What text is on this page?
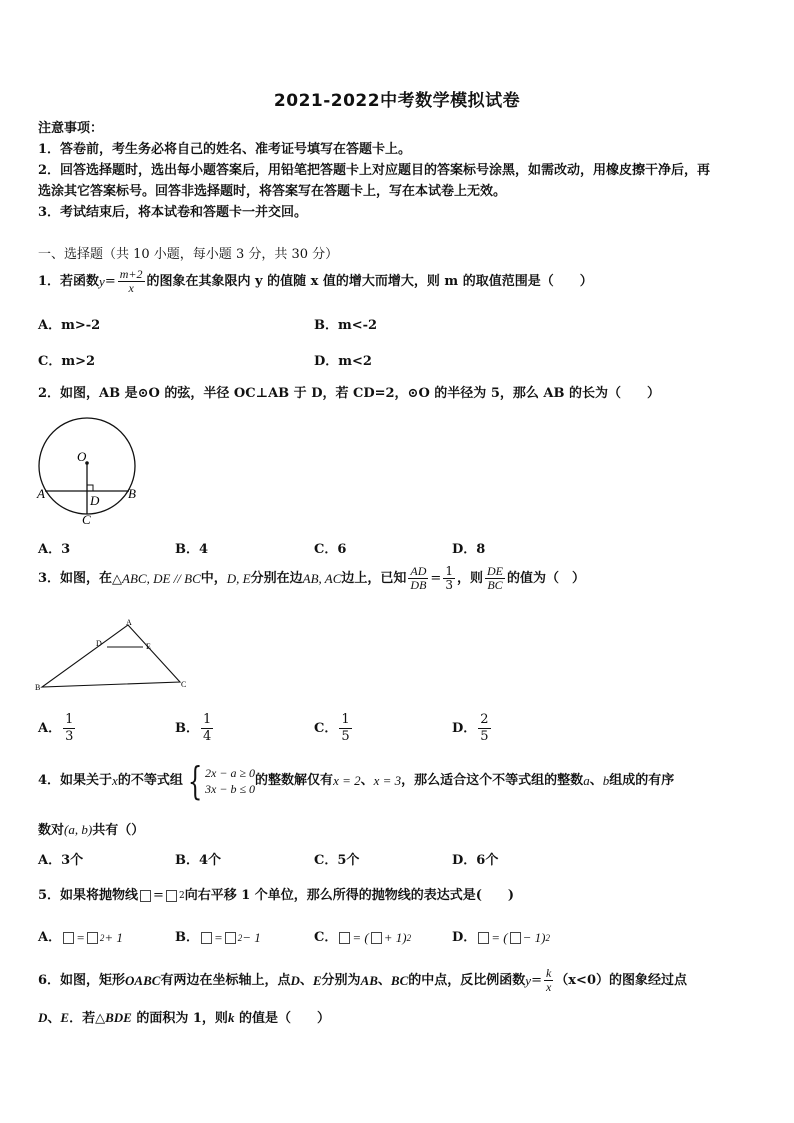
2021-2022中考数学模拟试卷
注意事项：
1．答卷前，考生务必将自己的姓名、准考证号填写在答题卡上。
2．回答选择题时，选出每小题答案后，用铅笔把答题卡上对应题目的答案标号涂黑，如需改动，用橡皮擦干净后，再
选涂其它答案标号。回答非选择题时，将答案写在答题卡上，写在本试卷上无效。
3．考试结束后，将本试卷和答题卡一并交回。
一、选择题（共 10 小题，每小题 3 分，共 30 分）
1．若函数 $y = \frac{m+2}{x}$ 的图象在其象限内 y 的值随 x 值的增大而增大，则 m 的取值范围是（　　）
A．m>-2	B．m<-2
C．m>2	D．m<2
2．如图，AB 是⊙O 的弦，半径 OC⊥AB 于 D，若 CD=2，⊙O 的半径为 5，那么 AB 的长为（　　）
O
A	B
D
C
A．3	B．4	C．6	D．8
3．如图，在 △ABC, DE // BC 中， D, E 分别在边 AB, AC 边上，已知 $\frac{AD}{DB} = \frac{1}{3}$ ，则 $\frac{DE}{BC}$ 的值为（　）
A
D	E
B	C
A． $\frac{1}{3}$	B． $\frac{1}{4}$	C． $\frac{1}{5}$	D． $\frac{2}{5}$
4．如果关于 x 的不等式组 { 2x − a ≥ 0
3x − b ≤ 0
的整数解仅有 x = 2 、 x = 3 ，那么适合这个不等式组的整数 a 、 b 组成的有序
数对(a, b)共有（）
A．3个	B．4个	C．5个	D．6个
5．如果将抛物线 = 2 向右平移 1 个单位，那么所得的抛物线的表达式是(　　)
A． = 2 + 1	B． = 2 − 1	C． = ( + 1) 2	D． = ( − 1) 2
6．如图，矩形 OABC 有两边在坐标轴上，点 D 、 E 分别为 AB 、 BC 的中点，反比例函数 $y = \frac{k}{x} (x<0)$的图象经过点
D、E．若△BDE 的面积为 1，则k 的值是（　　）
